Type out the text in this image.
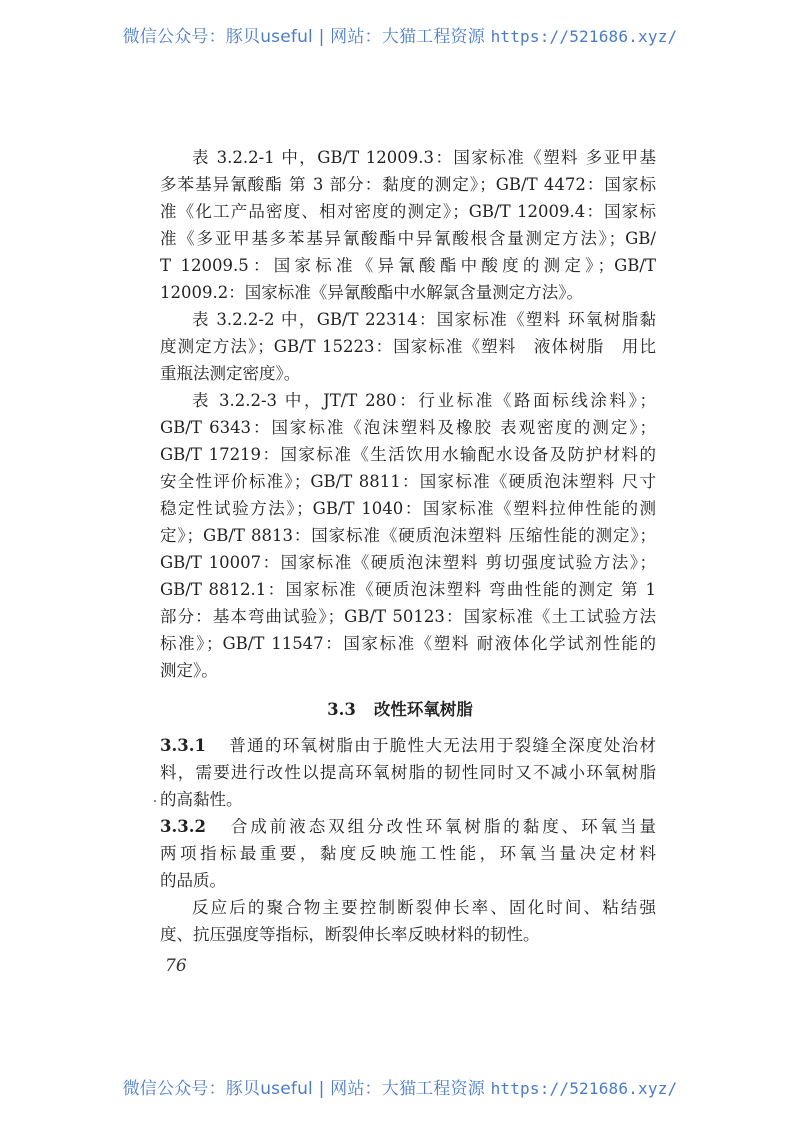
微信公众号：豚贝useful | 网站：大猫工程资源 https://521686.xyz/
表 3.2.2-1 中，GB/T 12009.3：国家标准《塑料 多亚甲基
多苯基异氰酸酯 第 3 部分：黏度的测定》；GB/T 4472：国家标
准《化工产品密度、相对密度的测定》；GB/T 12009.4：国家标
准《多亚甲基多苯基异氰酸酯中异氰酸根含量测定方法》；GB/
T 12009.5：国家标准《异氰酸酯中酸度的测定》；GB/T
12009.2：国家标准《异氰酸酯中水解氯含量测定方法》。
表 3.2.2-2 中，GB/T 22314：国家标准《塑料 环氧树脂黏
度测定方法》；GB/T 15223：国家标准《塑料　液体树脂　用比
重瓶法测定密度》。
表 3.2.2-3 中，JT/T 280：行业标准《路面标线涂料》；
GB/T 6343：国家标准《泡沫塑料及橡胶 表观密度的测定》；
GB/T 17219：国家标准《生活饮用水输配水设备及防护材料的
安全性评价标准》；GB/T 8811：国家标准《硬质泡沫塑料 尺寸
稳定性试验方法》；GB/T 1040：国家标准《塑料拉伸性能的测
定》；GB/T 8813：国家标准《硬质泡沫塑料 压缩性能的测定》；
GB/T 10007：国家标准《硬质泡沫塑料 剪切强度试验方法》；
GB/T 8812.1：国家标准《硬质泡沫塑料 弯曲性能的测定 第 1
部分：基本弯曲试验》；GB/T 50123：国家标准《土工试验方法
标准》；GB/T 11547：国家标准《塑料 耐液体化学试剂性能的
测定》。
3.3 改性环氧树脂
3.3.1 普通的环氧树脂由于脆性大无法用于裂缝全深度处治材
料，需要进行改性以提高环氧树脂的韧性同时又不减小环氧树脂
的高黏性。
3.3.2 合成前液态双组分改性环氧树脂的黏度、环氧当量
两项指标最重要，黏度反映施工性能，环氧当量决定材料
的品质。
反应后的聚合物主要控制断裂伸长率、固化时间、粘结强
度、抗压强度等指标，断裂伸长率反映材料的韧性。
76
微信公众号：豚贝useful | 网站：大猫工程资源 https://521686.xyz/
